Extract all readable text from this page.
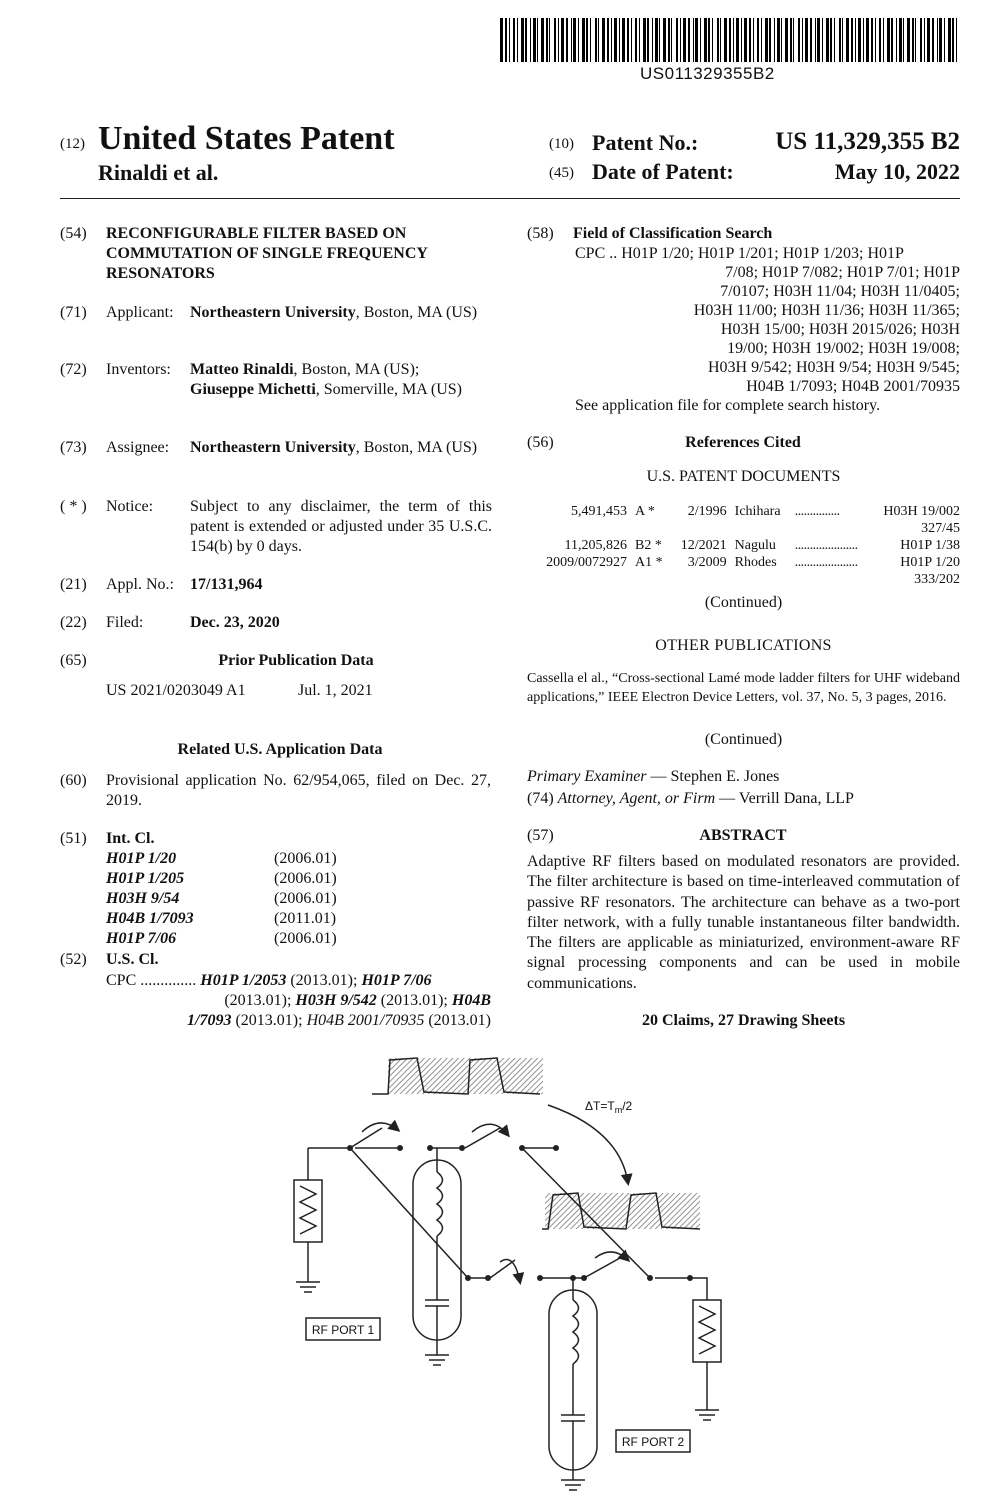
US011329355B2
(12) United States Patent
Rinaldi et al.
(10) Patent No.:	US 11,329,355 B2
(45) Date of Patent:	May 10, 2022
(54) RECONFIGURABLE FILTER BASED ON COMMUTATION OF SINGLE FREQUENCY RESONATORS
(71) Applicant: Northeastern University, Boston, MA (US)
(72) Inventors: Matteo Rinaldi, Boston, MA (US);
Giuseppe Michetti, Somerville, MA (US)
(73) Assignee: Northeastern University, Boston, MA (US)
( * ) Notice: Subject to any disclaimer, the term of this patent is extended or adjusted under 35 U.S.C. 154(b) by 0 days.
(21) Appl. No.: 17/131,964
(22) Filed:	Dec. 23, 2020
(65)	Prior Publication Data
US 2021/0203049 A1	Jul. 1, 2021
Related U.S. Application Data
(60) Provisional application No. 62/954,065, filed on Dec. 27, 2019.
(51) Int. Cl.
H01P 1/20	(2006.01)
H01P 1/205	(2006.01)
H03H 9/54	(2006.01)
H04B 1/7093	(2011.01)
H01P 7/06	(2006.01)
(52) U.S. Cl.
CPC .............. H01P 1/2053 (2013.01); H01P 7/06
(2013.01); H03H 9/542 (2013.01); H04B
1/7093 (2013.01); H04B 2001/70935 (2013.01)
(58) Field of Classification Search
CPC .. H01P 1/20; H01P 1/201; H01P 1/203; H01P
7/08; H01P 7/082; H01P 7/01; H01P
7/0107; H03H 11/04; H03H 11/0405;
H03H 11/00; H03H 11/36; H03H 11/365;
H03H 15/00; H03H 2015/026; H03H
19/00; H03H 19/002; H03H 19/008;
H03H 9/542; H03H 9/54; H03H 9/545;
H04B 1/7093; H04B 2001/70935
See application file for complete search history.
(56)	References Cited
U.S. PATENT DOCUMENTS
5,491,453	A *	2/1996	Ichihara	...............	H03H 19/002
327/45					
11,205,826	B2 *	12/2021	Nagulu	.....................	H01P 1/38
2009/0072927	A1 *	3/2009	Rhodes	.....................	H01P 1/20
333/202					
(Continued)
OTHER PUBLICATIONS
Cassella el al., “Cross-sectional Lamé mode ladder filters for UHF wideband applications,” IEEE Electron Device Letters, vol. 37, No. 5, 3 pages, 2016.
(Continued)
Primary Examiner — Stephen E. Jones
(74) Attorney, Agent, or Firm — Verrill Dana, LLP
(57)	ABSTRACT
Adaptive RF filters based on modulated resonators are provided. The filter architecture is based on time-interleaved commutation of passive RF resonators. The architecture can behave as a two-port filter network, with a fully tunable instantaneous filter bandwidth. The filters are applicable as miniaturized, environment-aware RF signal processing components and can be used in mobile communications.
20 Claims, 27 Drawing Sheets
RF PORT 1
RF PORT 2
$\Delta T=T_m/2$
